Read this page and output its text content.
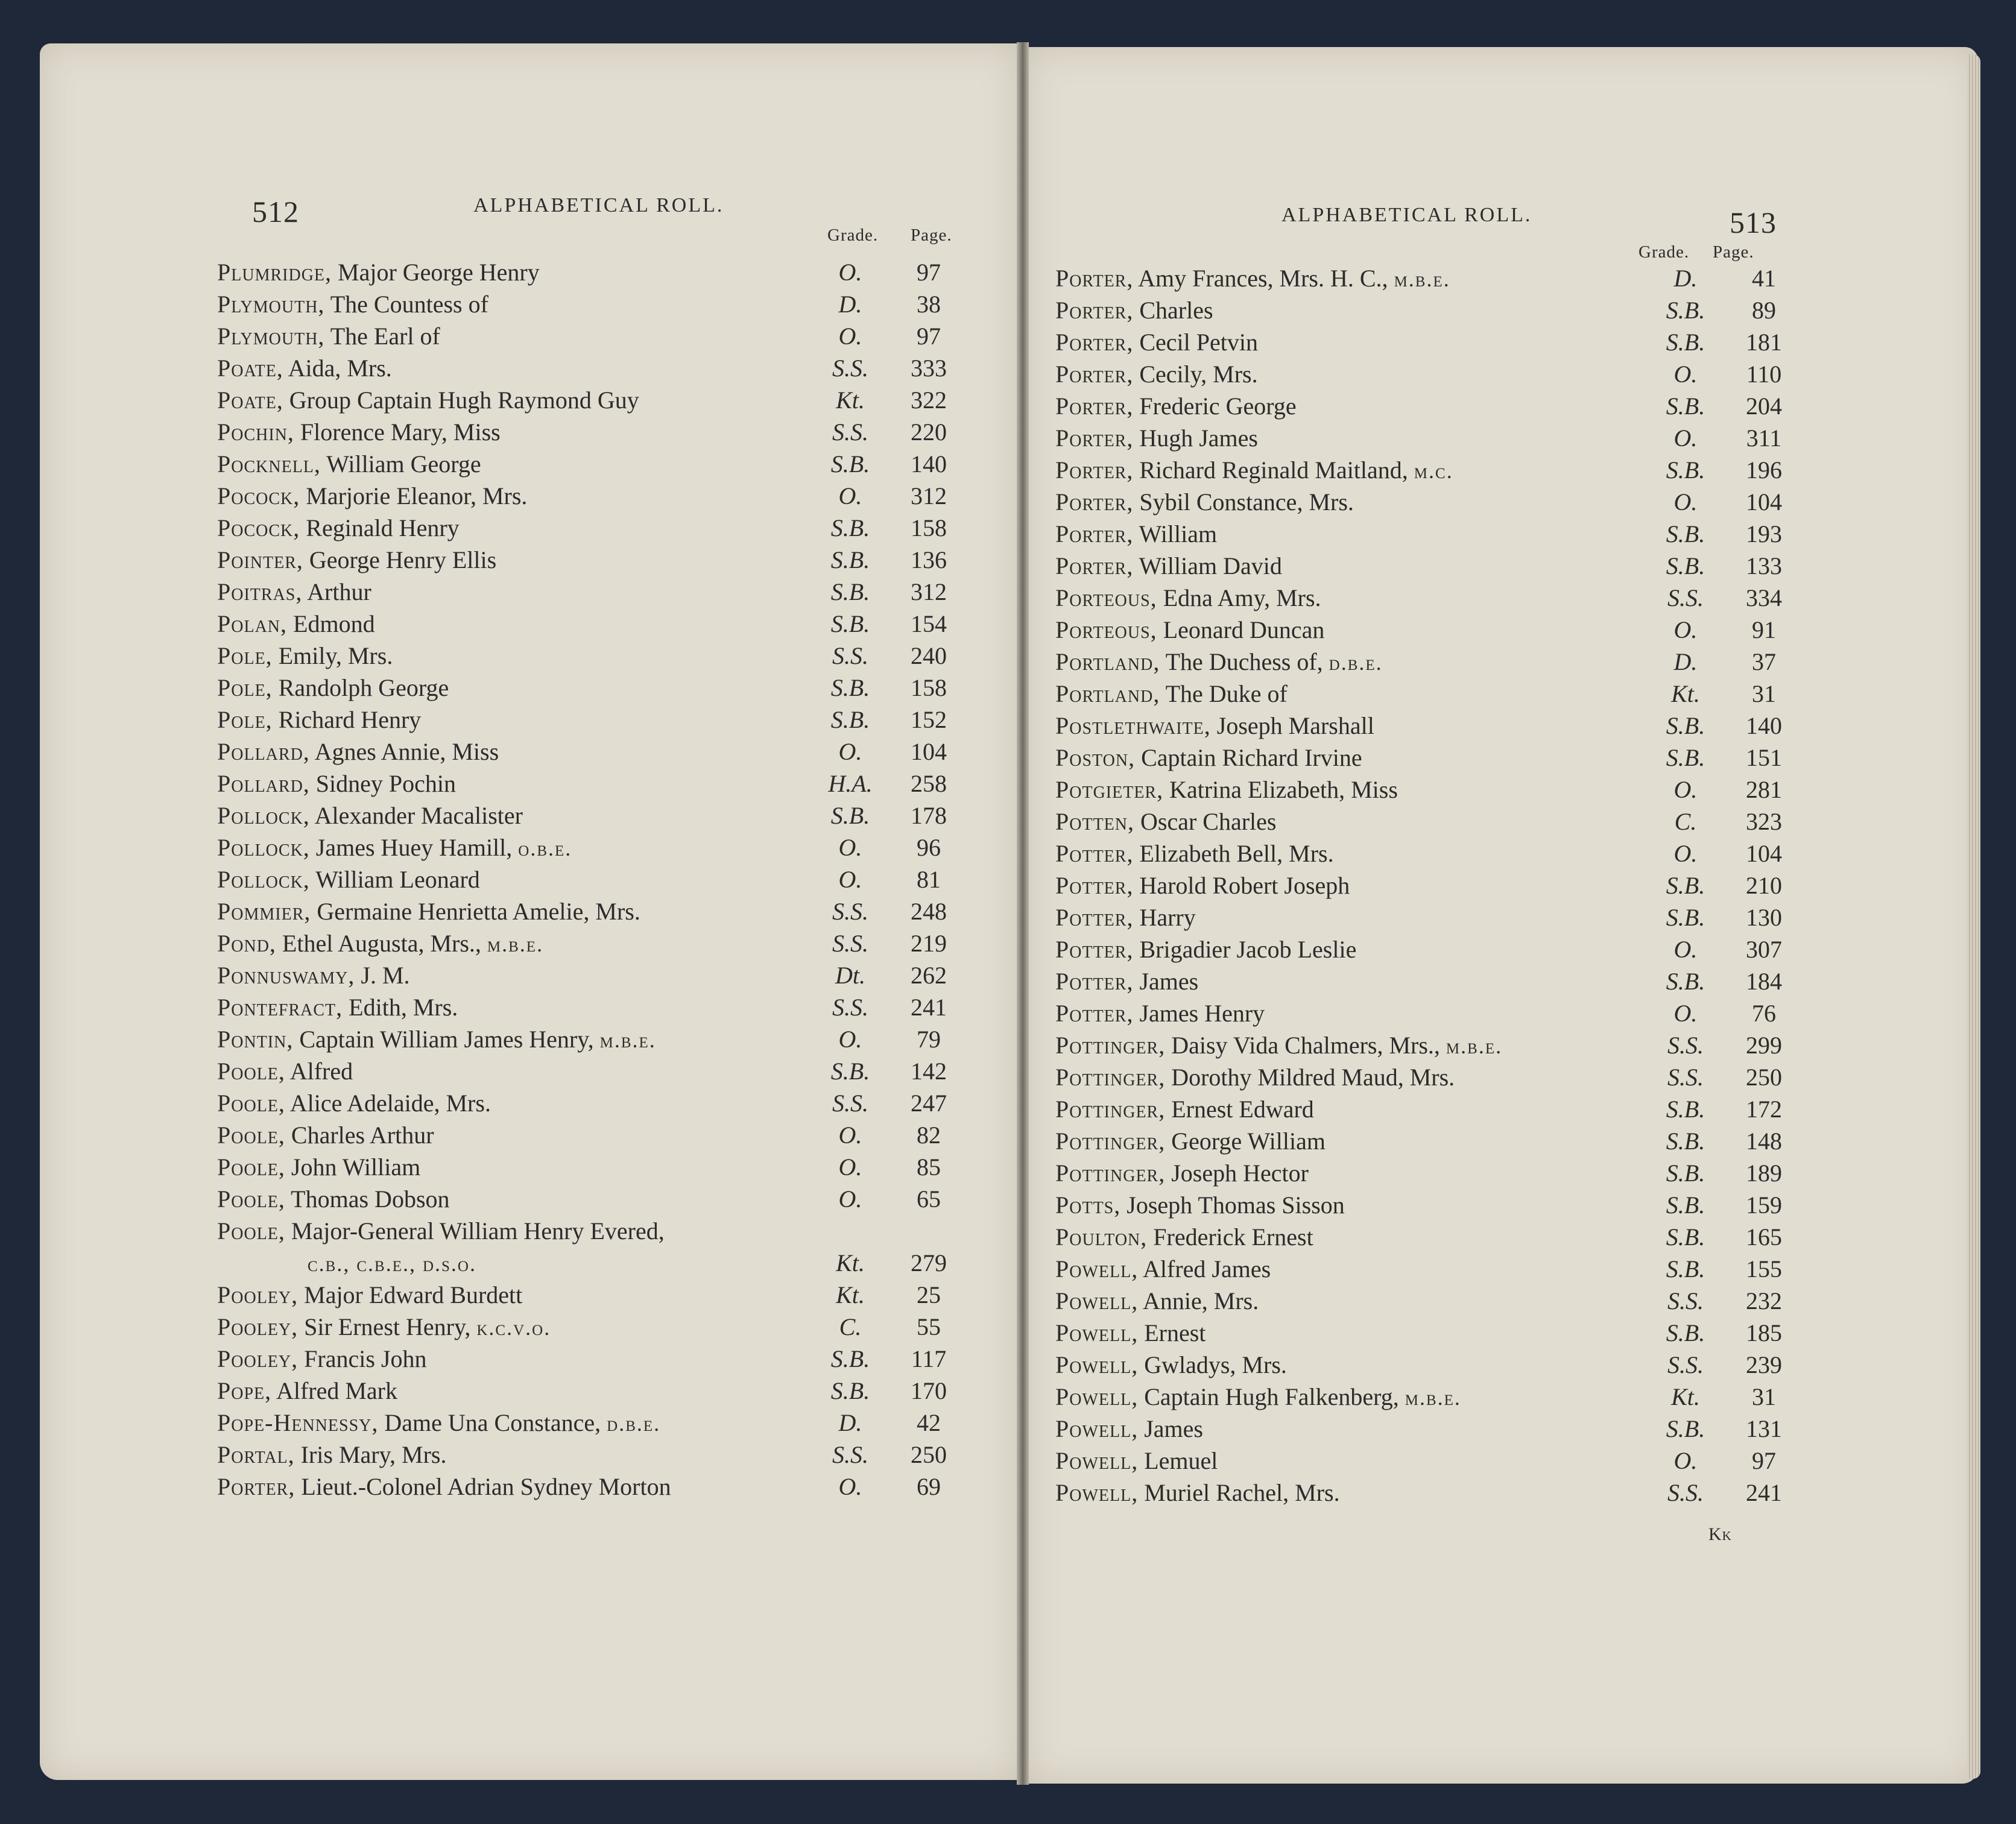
512	ALPHABETICAL ROLL.
Grade. Page.
Plumridge, Major George Henry	O.	97
Plymouth, The Countess of	D.	38
Plymouth, The Earl of	O.	97
Poate, Aida, Mrs.	S.S.	333
Poate, Group Captain Hugh Raymond Guy	Kt.	322
Pochin, Florence Mary, Miss	S.S.	220
Pocknell, William George	S.B.	140
Pocock, Marjorie Eleanor, Mrs.	O.	312
Pocock, Reginald Henry	S.B.	158
Pointer, George Henry Ellis	S.B.	136
Poitras, Arthur	S.B.	312
Polan, Edmond	S.B.	154
Pole, Emily, Mrs.	S.S.	240
Pole, Randolph George	S.B.	158
Pole, Richard Henry	S.B.	152
Pollard, Agnes Annie, Miss	O.	104
Pollard, Sidney Pochin	H.A.	258
Pollock, Alexander Macalister	S.B.	178
Pollock, James Huey Hamill, o.b.e.	O.	96
Pollock, William Leonard	O.	81
Pommier, Germaine Henrietta Amelie, Mrs.	S.S.	248
Pond, Ethel Augusta, Mrs., m.b.e.	S.S.	219
Ponnuswamy, J. M.	Dt.	262
Pontefract, Edith, Mrs.	S.S.	241
Pontin, Captain William James Henry, m.b.e.	O.	79
Poole, Alfred	S.B.	142
Poole, Alice Adelaide, Mrs.	S.S.	247
Poole, Charles Arthur	O.	82
Poole, John William	O.	85
Poole, Thomas Dobson	O.	65
Poole, Major-General William Henry Evered,
c.b., c.b.e., d.s.o.	Kt.	279
Pooley, Major Edward Burdett	Kt.	25
Pooley, Sir Ernest Henry, k.c.v.o.	C.	55
Pooley, Francis John	S.B.	117
Pope, Alfred Mark	S.B.	170
Pope-Hennessy, Dame Una Constance, d.b.e.	D.	42
Portal, Iris Mary, Mrs.	S.S.	250
Porter, Lieut.-Colonel Adrian Sydney Morton	O.	69
ALPHABETICAL ROLL.	513
Grade. Page.
Porter, Amy Frances, Mrs. H. C., m.b.e.	D.	41
Porter, Charles	S.B.	89
Porter, Cecil Petvin	S.B.	181
Porter, Cecily, Mrs.	O.	110
Porter, Frederic George	S.B.	204
Porter, Hugh James	O.	311
Porter, Richard Reginald Maitland, m.c.	S.B.	196
Porter, Sybil Constance, Mrs.	O.	104
Porter, William	S.B.	193
Porter, William David	S.B.	133
Porteous, Edna Amy, Mrs.	S.S.	334
Porteous, Leonard Duncan	O.	91
Portland, The Duchess of, d.b.e.	D.	37
Portland, The Duke of	Kt.	31
Postlethwaite, Joseph Marshall	S.B.	140
Poston, Captain Richard Irvine	S.B.	151
Potgieter, Katrina Elizabeth, Miss	O.	281
Potten, Oscar Charles	C.	323
Potter, Elizabeth Bell, Mrs.	O.	104
Potter, Harold Robert Joseph	S.B.	210
Potter, Harry	S.B.	130
Potter, Brigadier Jacob Leslie	O.	307
Potter, James	S.B.	184
Potter, James Henry	O.	76
Pottinger, Daisy Vida Chalmers, Mrs., m.b.e.	S.S.	299
Pottinger, Dorothy Mildred Maud, Mrs.	S.S.	250
Pottinger, Ernest Edward	S.B.	172
Pottinger, George William	S.B.	148
Pottinger, Joseph Hector	S.B.	189
Potts, Joseph Thomas Sisson	S.B.	159
Poulton, Frederick Ernest	S.B.	165
Powell, Alfred James	S.B.	155
Powell, Annie, Mrs.	S.S.	232
Powell, Ernest	S.B.	185
Powell, Gwladys, Mrs.	S.S.	239
Powell, Captain Hugh Falkenberg, m.b.e.	Kt.	31
Powell, James	S.B.	131
Powell, Lemuel	O.	97
Powell, Muriel Rachel, Mrs.	S.S.	241
Kk
